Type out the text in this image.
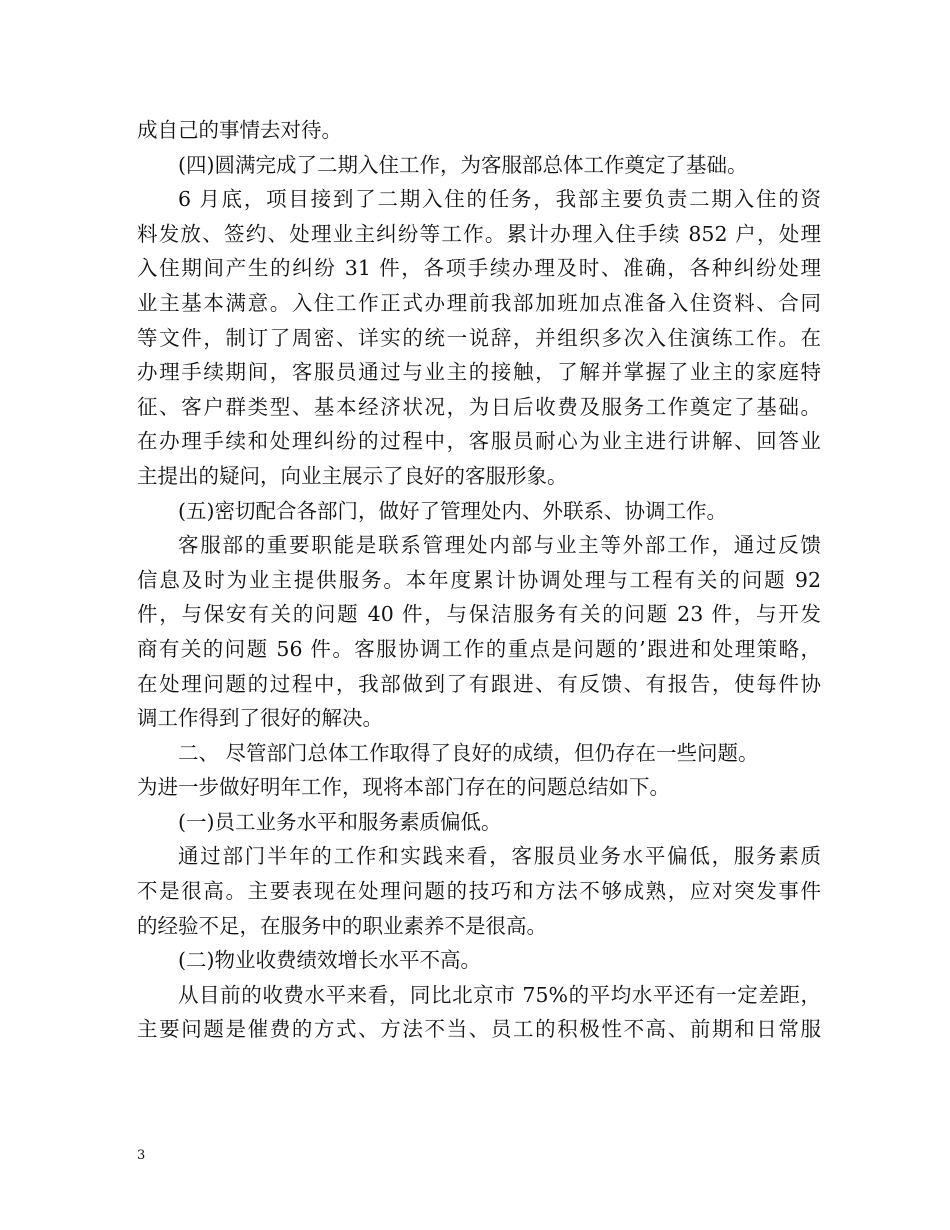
成自己的事情去对待。
(四)圆满完成了二期入住工作，为客服部总体工作奠定了基础。
6 月底，项目接到了二期入住的任务，我部主要负责二期入住的资
料发放、签约、处理业主纠纷等工作。累计办理入住手续 852 户，处理
入住期间产生的纠纷 31 件，各项手续办理及时、准确，各种纠纷处理
业主基本满意。入住工作正式办理前我部加班加点准备入住资料、合同
等文件，制订了周密、详实的统一说辞，并组织多次入住演练工作。在
办理手续期间，客服员通过与业主的接触，了解并掌握了业主的家庭特
征、客户群类型、基本经济状况，为日后收费及服务工作奠定了基础。
在办理手续和处理纠纷的过程中，客服员耐心为业主进行讲解、回答业
主提出的疑问，向业主展示了良好的客服形象。
(五)密切配合各部门，做好了管理处内、外联系、协调工作。
客服部的重要职能是联系管理处内部与业主等外部工作，通过反馈
信息及时为业主提供服务。本年度累计协调处理与工程有关的问题 92
件，与保安有关的问题 40 件，与保洁服务有关的问题 23 件，与开发
商有关的问题 56 件。客服协调工作的重点是问题的’跟进和处理策略，
在处理问题的过程中，我部做到了有跟进、有反馈、有报告，使每件协
调工作得到了很好的解决。
二、 尽管部门总体工作取得了良好的成绩，但仍存在一些问题。
为进一步做好明年工作，现将本部门存在的问题总结如下。
(一)员工业务水平和服务素质偏低。
通过部门半年的工作和实践来看，客服员业务水平偏低，服务素质
不是很高。主要表现在处理问题的技巧和方法不够成熟，应对突发事件
的经验不足，在服务中的职业素养不是很高。
(二)物业收费绩效增长水平不高。
从目前的收费水平来看，同比北京市 75%的平均水平还有一定差距，
主要问题是催费的方式、方法不当、员工的积极性不高、前期和日常服
3
